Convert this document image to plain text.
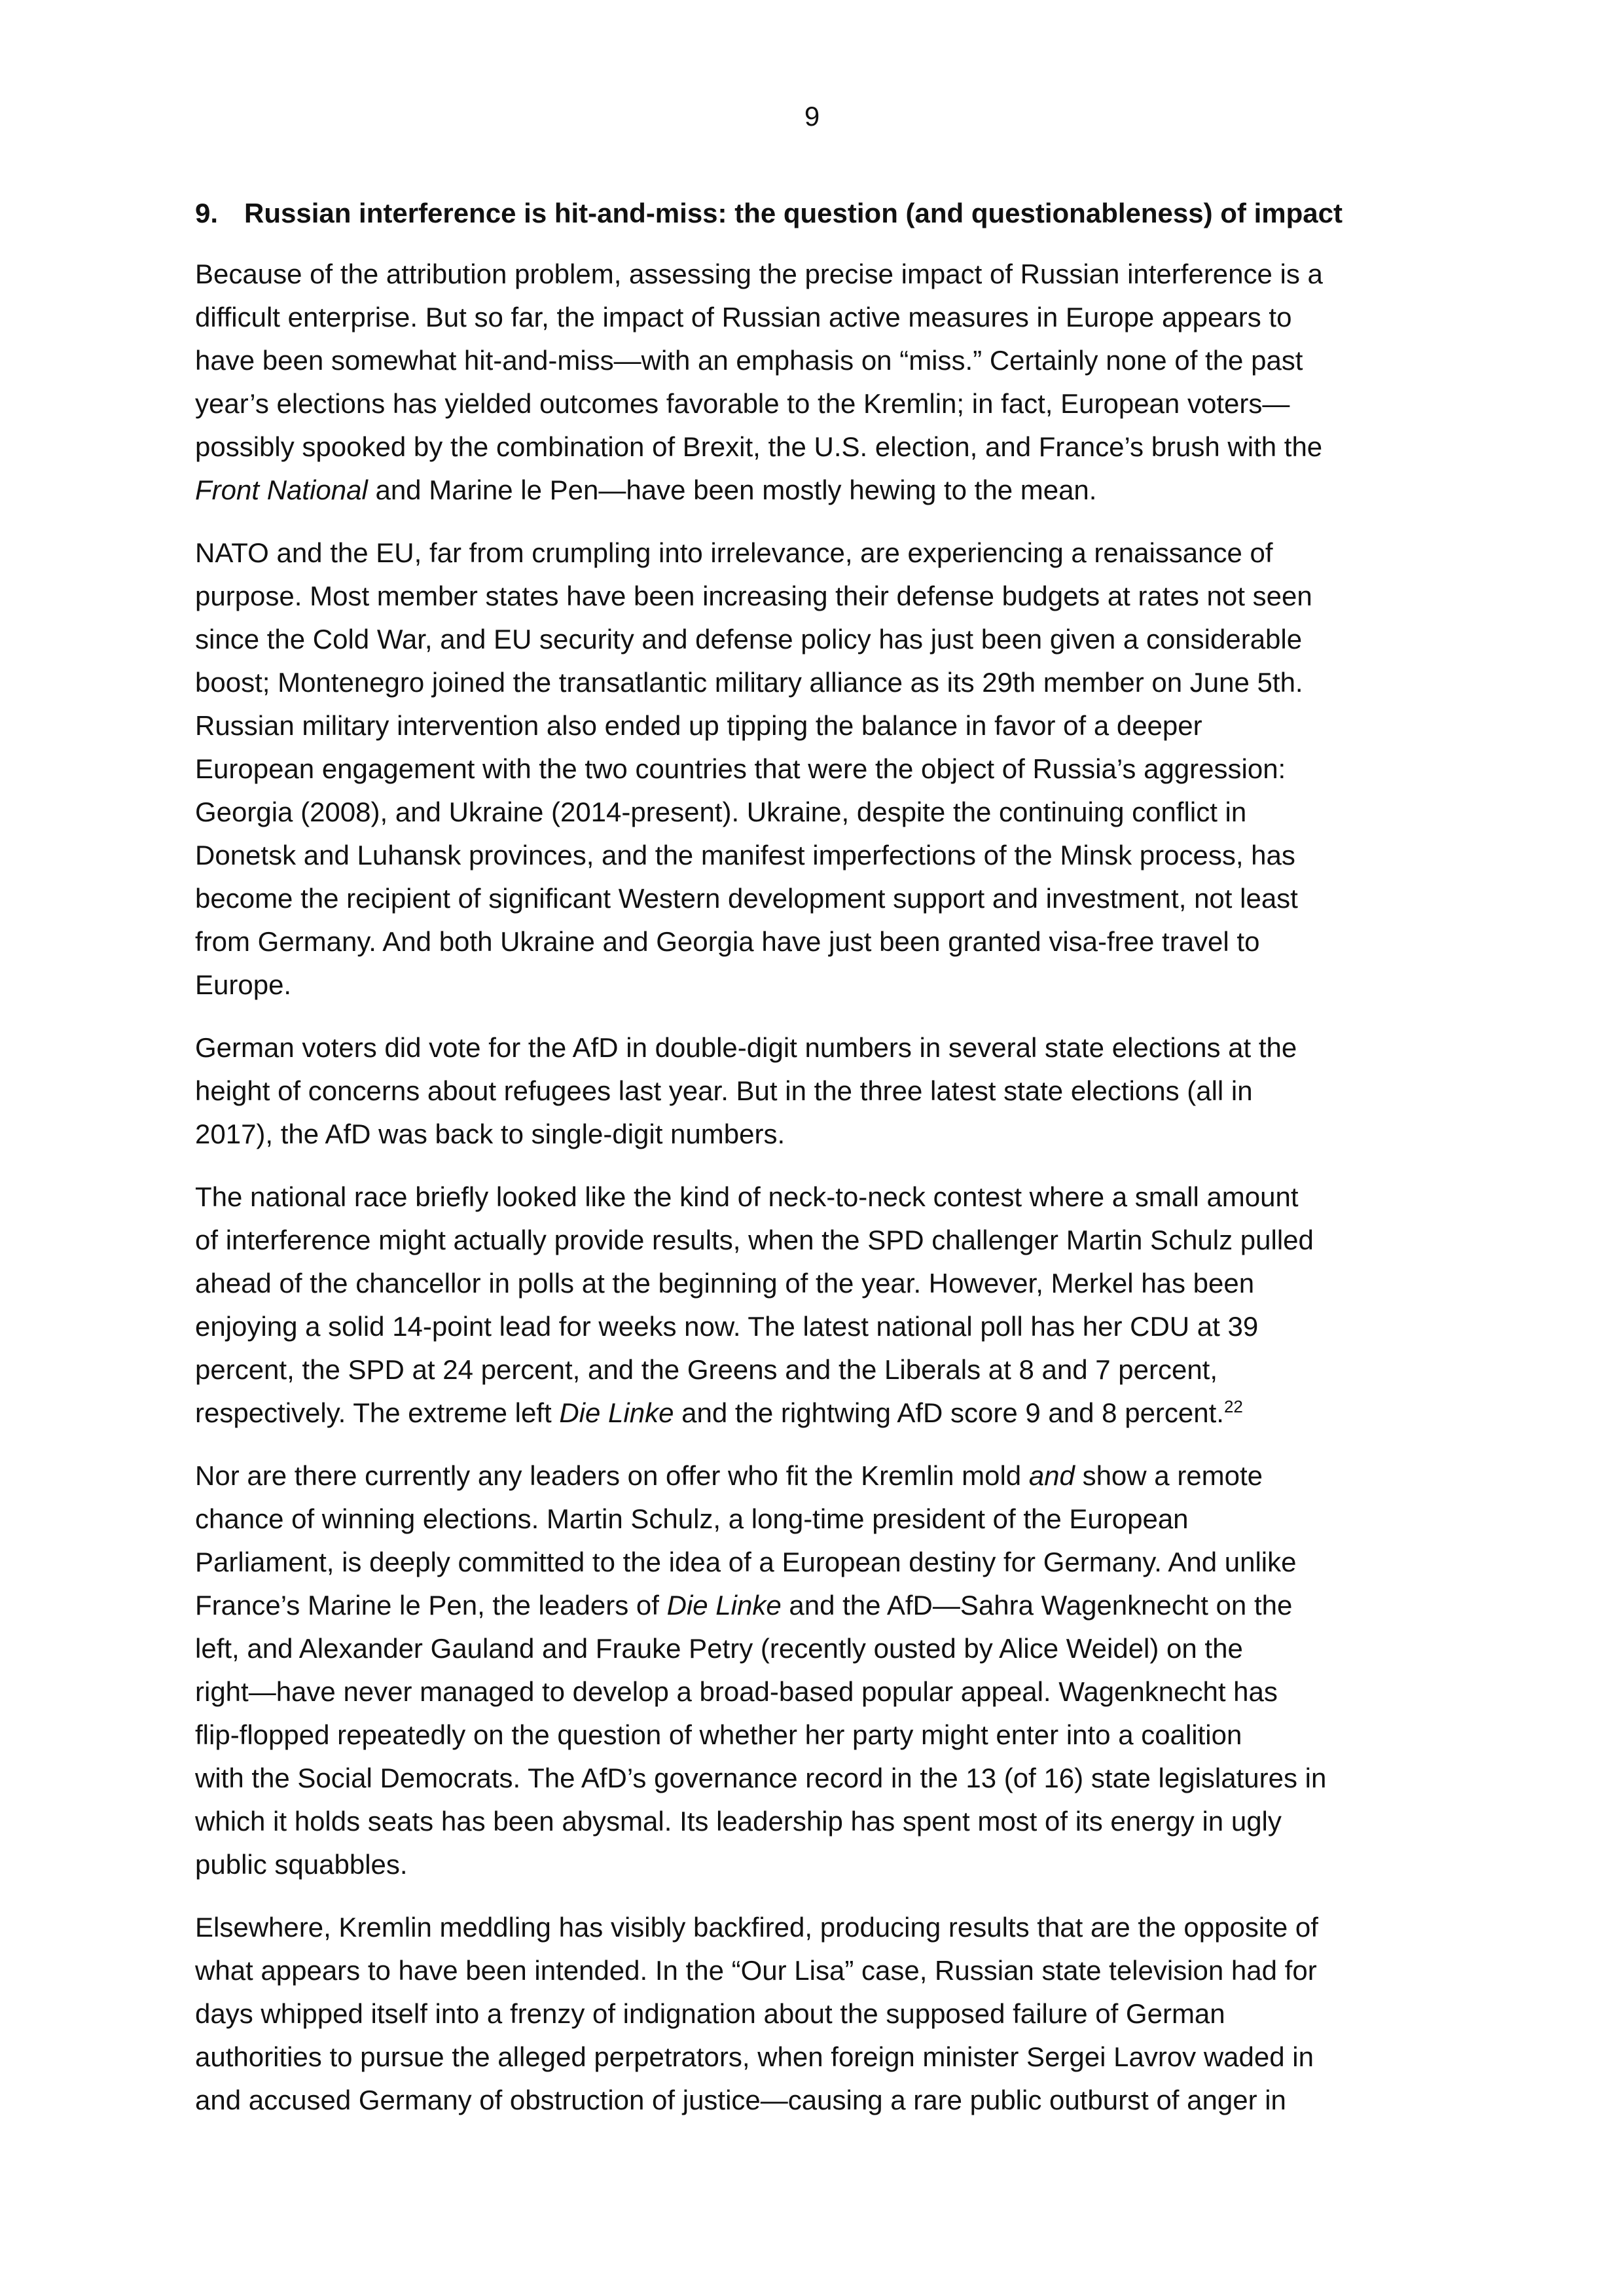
9
9. Russian interference is hit-and-miss: the question (and questionableness) of impact

Because of the attribution problem, assessing the precise impact of Russian interference is a
difficult enterprise. But so far, the impact of Russian active measures in Europe appears to
have been somewhat hit-and-miss—with an emphasis on “miss.” Certainly none of the past
year’s elections has yielded outcomes favorable to the Kremlin; in fact, European voters—
possibly spooked by the combination of Brexit, the U.S. election, and France’s brush with the
Front National and Marine le Pen—have been mostly hewing to the mean.

NATO and the EU, far from crumpling into irrelevance, are experiencing a renaissance of
purpose. Most member states have been increasing their defense budgets at rates not seen
since the Cold War, and EU security and defense policy has just been given a considerable
boost; Montenegro joined the transatlantic military alliance as its 29th member on June 5th.
Russian military intervention also ended up tipping the balance in favor of a deeper
European engagement with the two countries that were the object of Russia’s aggression:
Georgia (2008), and Ukraine (2014-present). Ukraine, despite the continuing conflict in
Donetsk and Luhansk provinces, and the manifest imperfections of the Minsk process, has
become the recipient of significant Western development support and investment, not least
from Germany. And both Ukraine and Georgia have just been granted visa-free travel to
Europe.

German voters did vote for the AfD in double-digit numbers in several state elections at the
height of concerns about refugees last year. But in the three latest state elections (all in
2017), the AfD was back to single-digit numbers.

The national race briefly looked like the kind of neck-to-neck contest where a small amount
of interference might actually provide results, when the SPD challenger Martin Schulz pulled
ahead of the chancellor in polls at the beginning of the year. However, Merkel has been
enjoying a solid 14-point lead for weeks now. The latest national poll has her CDU at 39
percent, the SPD at 24 percent, and the Greens and the Liberals at 8 and 7 percent,
respectively. The extreme left Die Linke and the rightwing AfD score 9 and 8 percent.$^{22}$

Nor are there currently any leaders on offer who fit the Kremlin mold and show a remote
chance of winning elections. Martin Schulz, a long-time president of the European
Parliament, is deeply committed to the idea of a European destiny for Germany. And unlike
France’s Marine le Pen, the leaders of Die Linke and the AfD—Sahra Wagenknecht on the
left, and Alexander Gauland and Frauke Petry (recently ousted by Alice Weidel) on the
right—have never managed to develop a broad-based popular appeal. Wagenknecht has
flip-flopped repeatedly on the question of whether her party might enter into a coalition
with the Social Democrats. The AfD’s governance record in the 13 (of 16) state legislatures in
which it holds seats has been abysmal. Its leadership has spent most of its energy in ugly
public squabbles.

Elsewhere, Kremlin meddling has visibly backfired, producing results that are the opposite of
what appears to have been intended. In the “Our Lisa” case, Russian state television had for
days whipped itself into a frenzy of indignation about the supposed failure of German
authorities to pursue the alleged perpetrators, when foreign minister Sergei Lavrov waded in
and accused Germany of obstruction of justice—causing a rare public outburst of anger in
